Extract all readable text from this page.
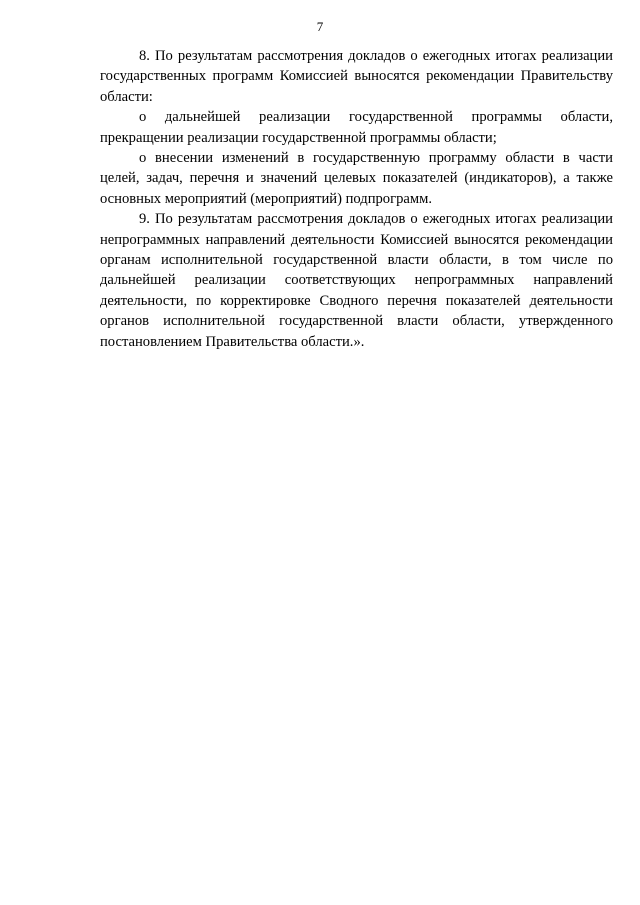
7

8. По результатам рассмотрения докладов о ежегодных итогах реализации государственных программ Комиссией выносятся рекомендации Правительству области:

о дальнейшей реализации государственной программы области, прекращении реализации государственной программы области;

о внесении изменений в государственную программу области в части целей, задач, перечня и значений целевых показателей (индикаторов), а также основных мероприятий (мероприятий) подпрограмм.

9. По результатам рассмотрения докладов о ежегодных итогах реализации непрограммных направлений деятельности Комиссией выносятся рекомендации органам исполнительной государственной власти области, в том числе по дальнейшей реализации соответствующих непрограммных направлений деятельности, по корректировке Сводного перечня показателей деятельности органов исполнительной государственной власти области, утвержденного постановлением Правительства области.».
